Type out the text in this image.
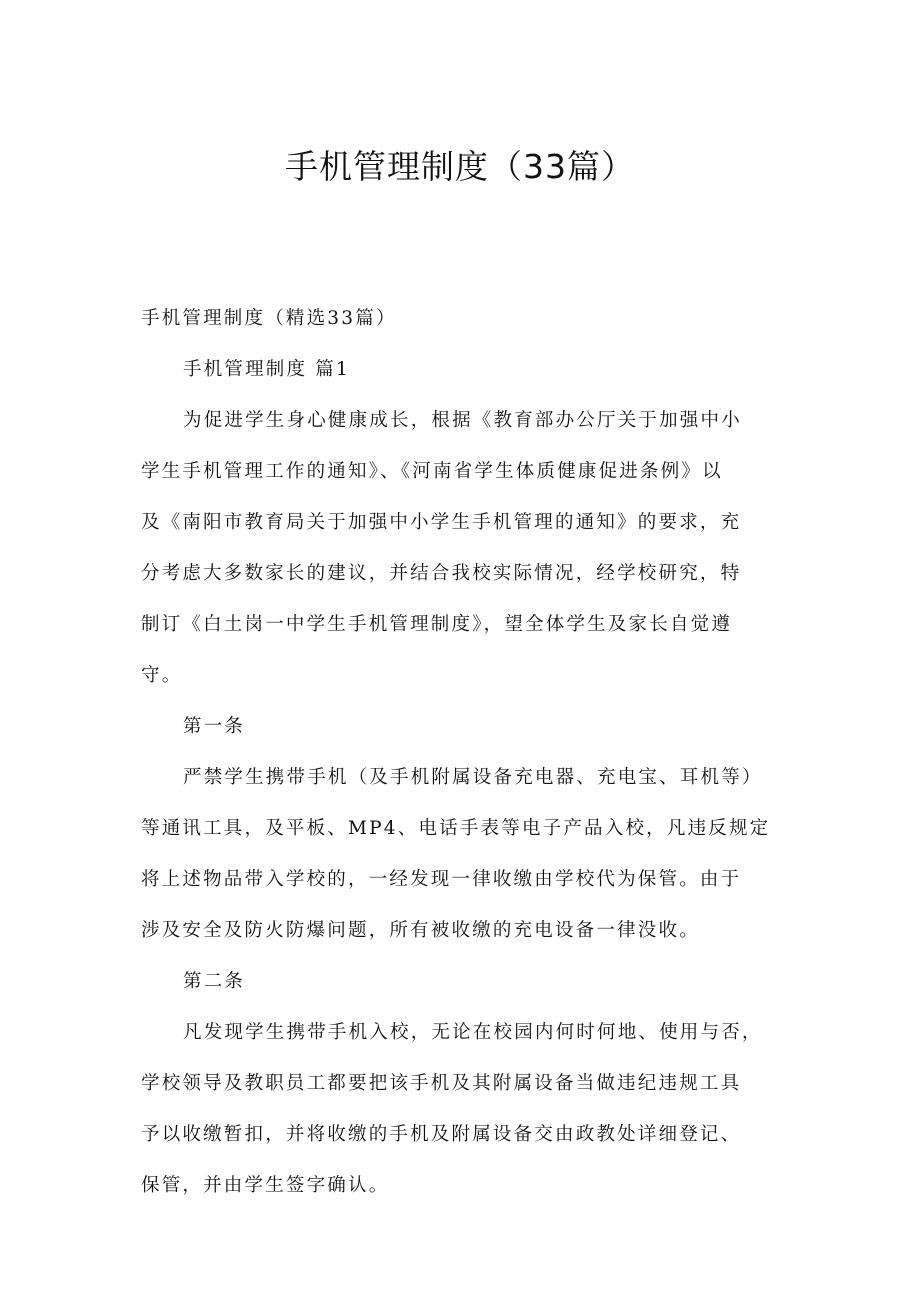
手机管理制度（33篇）

手机管理制度（精选33篇）

手机管理制度 篇1

为促进学生身心健康成长，根据《教育部办公厅关于加强中小

学生手机管理工作的通知》、《河南省学生体质健康促进条例》以

及《南阳市教育局关于加强中小学生手机管理的通知》的要求，充

分考虑大多数家长的建议，并结合我校实际情况，经学校研究，特

制订《白土岗一中学生手机管理制度》，望全体学生及家长自觉遵

守。

第一条

严禁学生携带手机（及手机附属设备充电器、充电宝、耳机等）

等通讯工具，及平板、MP4、电话手表等电子产品入校，凡违反规定

将上述物品带入学校的，一经发现一律收缴由学校代为保管。由于

涉及安全及防火防爆问题，所有被收缴的充电设备一律没收。

第二条

凡发现学生携带手机入校，无论在校园内何时何地、使用与否，

学校领导及教职员工都要把该手机及其附属设备当做违纪违规工具

予以收缴暂扣，并将收缴的手机及附属设备交由政教处详细登记、

保管，并由学生签字确认。
